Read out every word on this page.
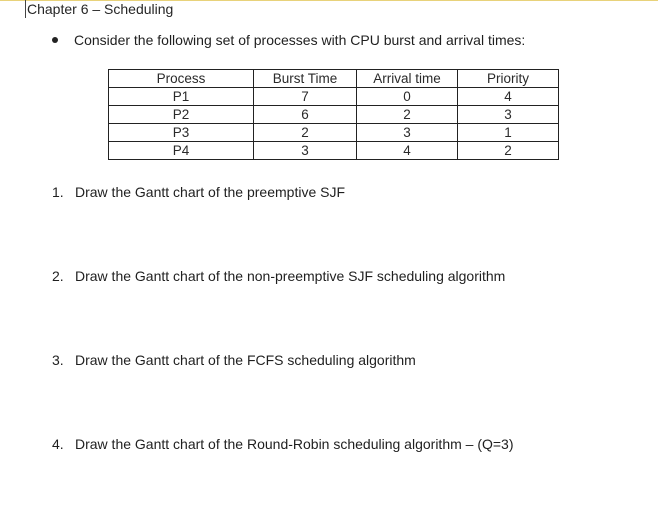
Chapter 6 – Scheduling
Consider the following set of processes with CPU burst and arrival times:
Process	Burst Time	Arrival time	Priority
P1	7	0	4
P2	6	2	3
P3	2	3	1
P4	3	4	2
1. Draw the Gantt chart of the preemptive SJF
2. Draw the Gantt chart of the non-preemptive SJF scheduling algorithm
3. Draw the Gantt chart of the FCFS scheduling algorithm
4. Draw the Gantt chart of the Round-Robin scheduling algorithm – (Q=3)
